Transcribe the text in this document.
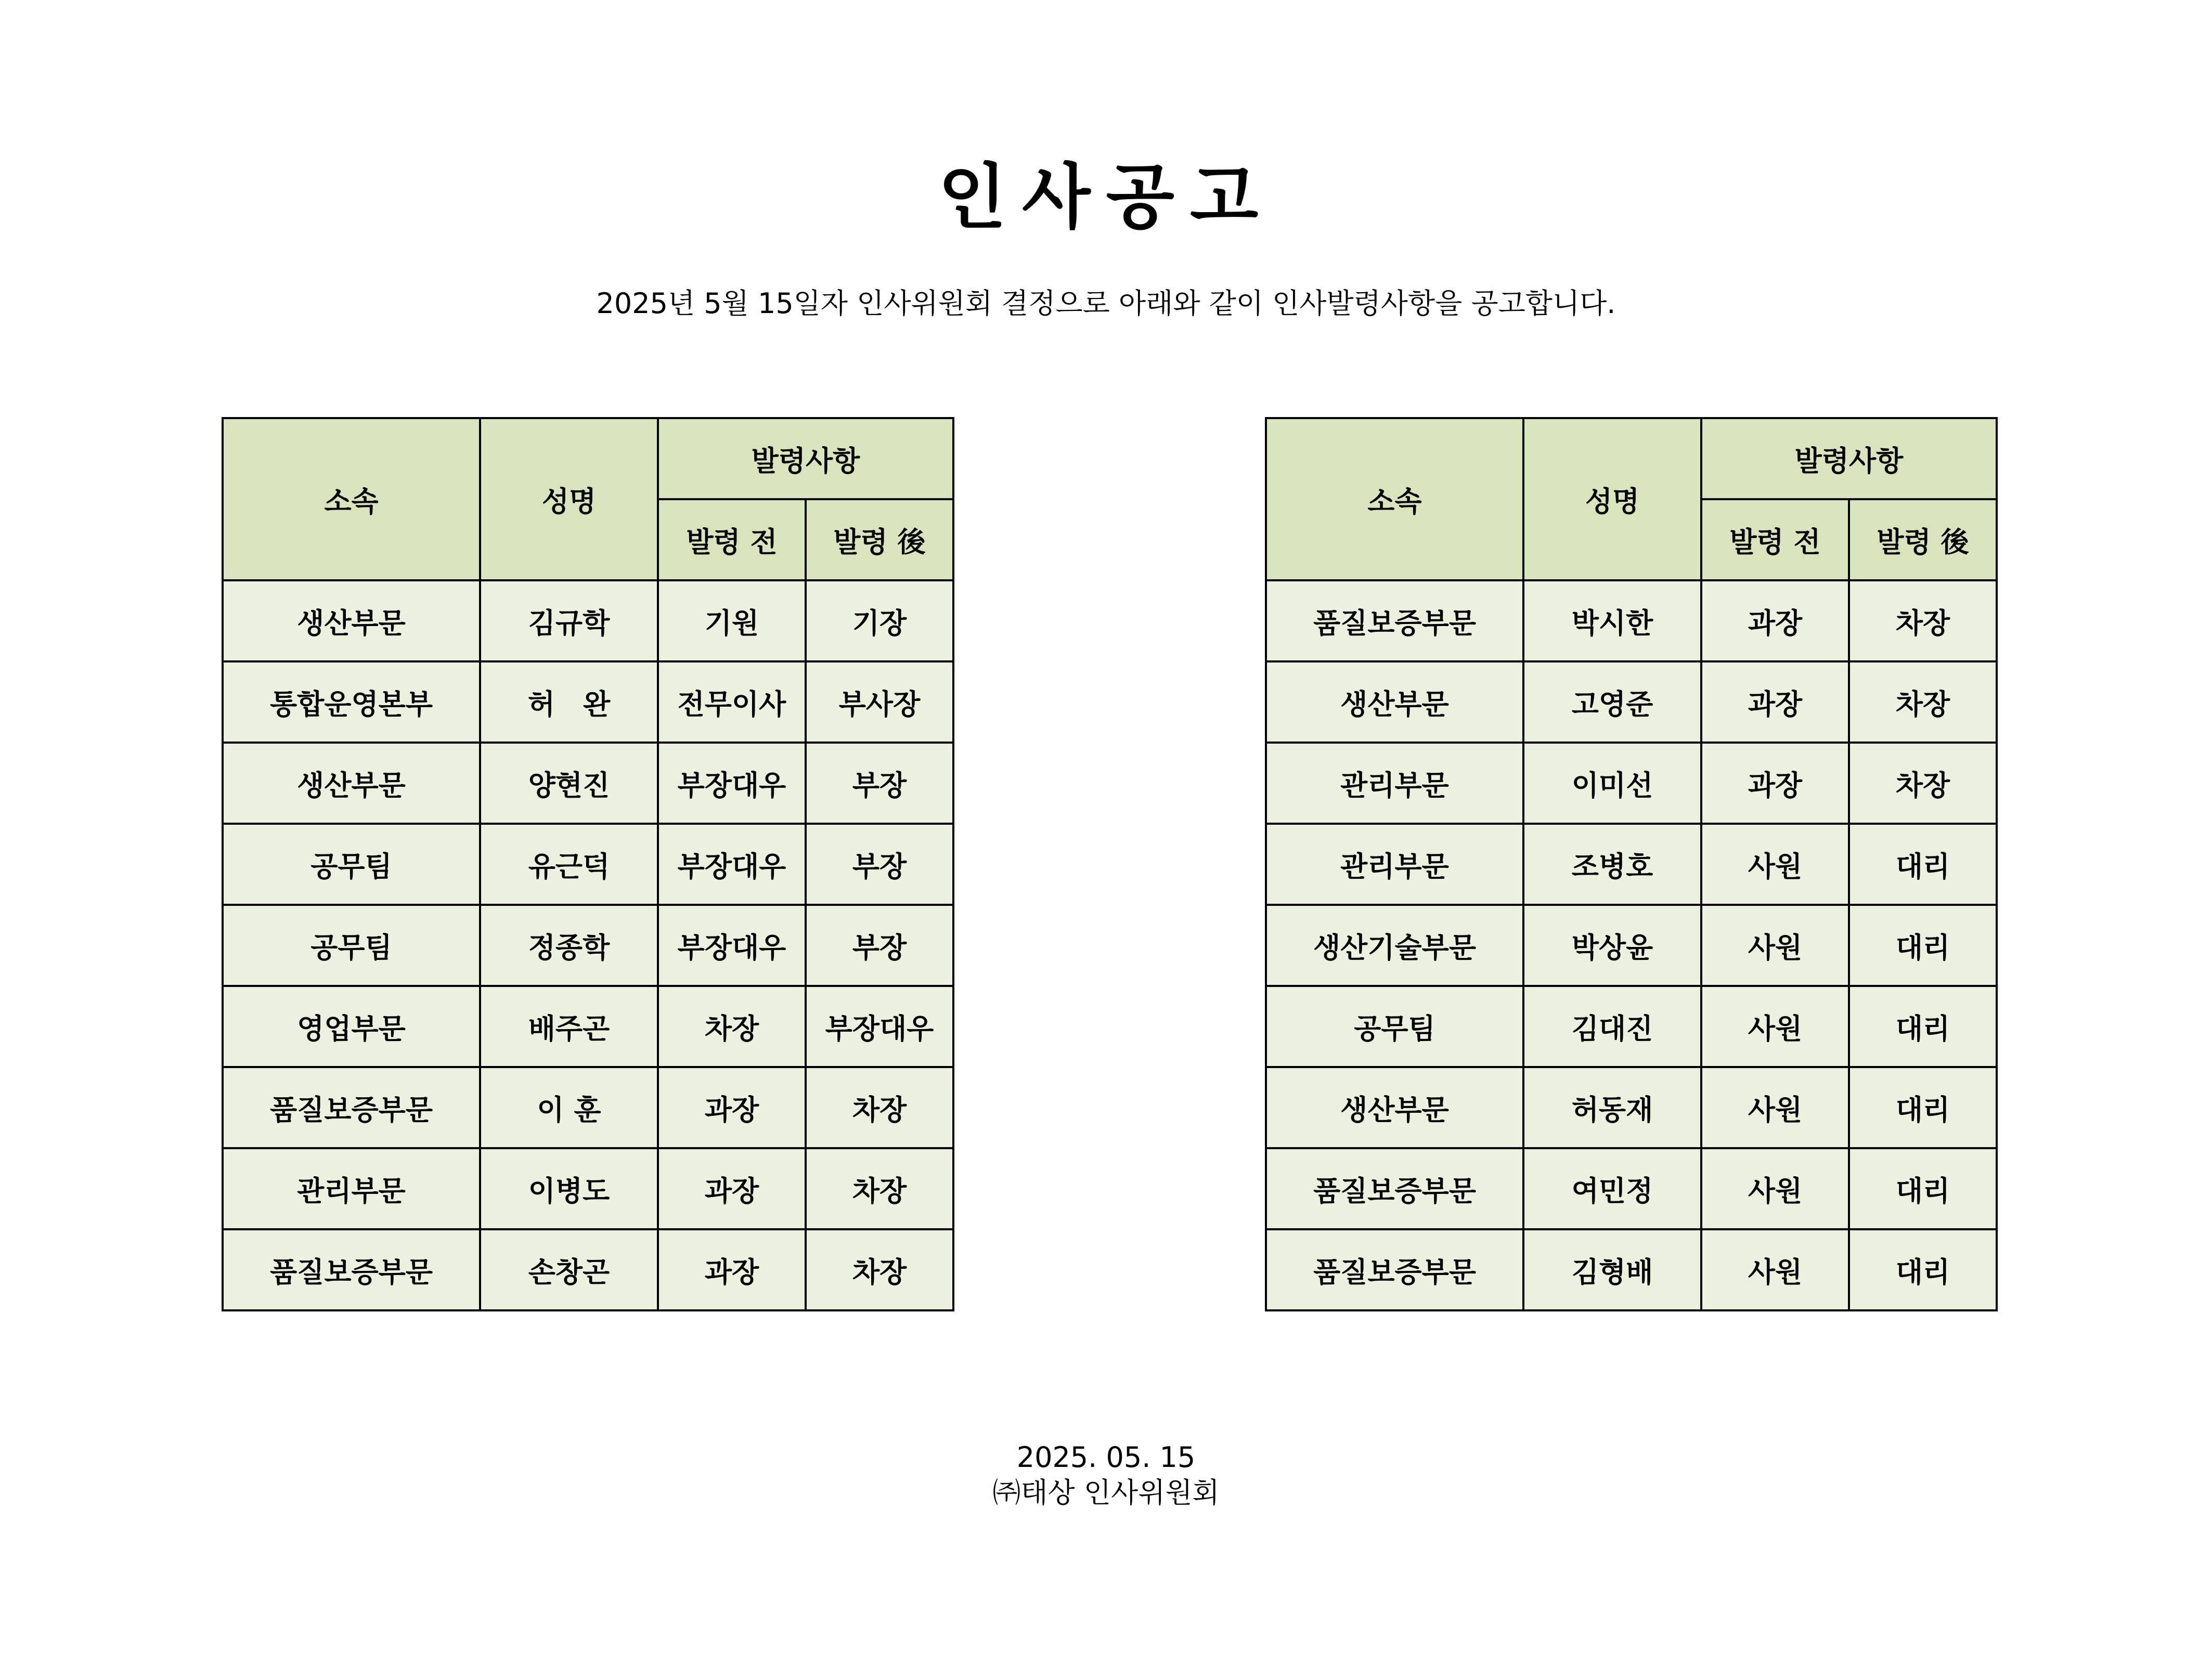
인사공고
2025년 5월 15일자 인사위원회 결정으로 아래와 같이 인사발령사항을 공고합니다.
소속	성명	발령사항	
		발령 전	발령 後
생산부문	김규학	기원	기장
통합운영본부	허　완	전무이사	부사장
생산부문	양현진	부장대우	부장
공무팀	유근덕	부장대우	부장
공무팀	정종학	부장대우	부장
영업부문	배주곤	차장	부장대우
품질보증부문	이 훈	과장	차장
관리부문	이병도	과장	차장
품질보증부문	손창곤	과장	차장
소속	성명	발령사항	
		발령 전	발령 後
품질보증부문	박시한	과장	차장
생산부문	고영준	과장	차장
관리부문	이미선	과장	차장
관리부문	조병호	사원	대리
생산기술부문	박상윤	사원	대리
공무팀	김대진	사원	대리
생산부문	허동재	사원	대리
품질보증부문	여민정	사원	대리
품질보증부문	김형배	사원	대리
2025. 05. 15
㈜태상 인사위원회
